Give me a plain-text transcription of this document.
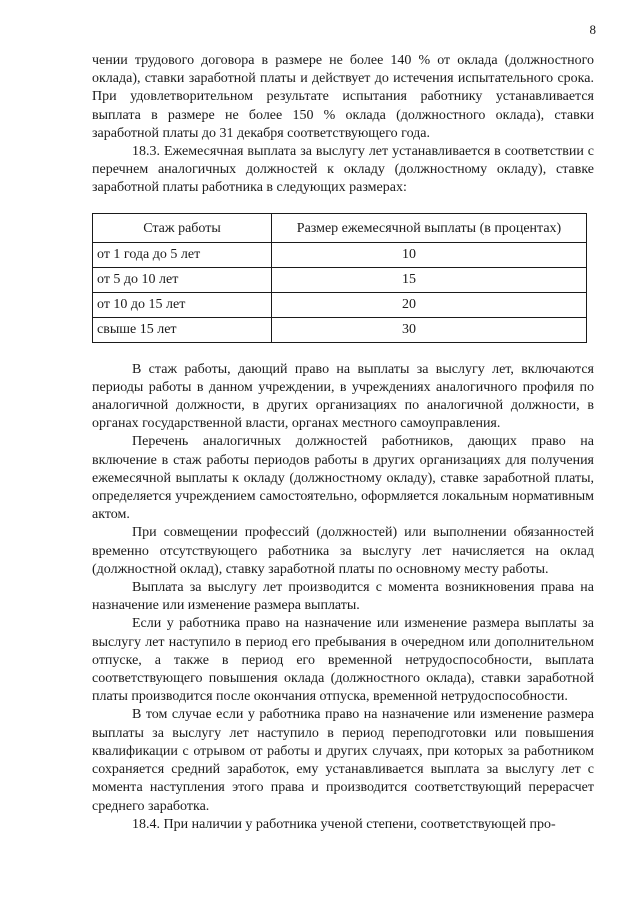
8

чении трудового договора в размере не более 140 % от оклада (должностного оклада), ставки заработной платы и действует до истечения испытательного срока. При удовлетворительном результате испытания работнику устанавливается выплата в размере не более 150 % оклада (должностного оклада), ставки заработной платы до 31 декабря соответствующего года.

18.3. Ежемесячная выплата за выслугу лет устанавливается в соответствии с перечнем аналогичных должностей к окладу (должностному окладу), ставке заработной платы работника в следующих размерах:

Стаж работы	Размер ежемесячной выплаты (в процентах)
от 1 года до 5 лет	10
от 5 до 10 лет	15
от 10 до 15 лет	20
свыше 15 лет	30

В стаж работы, дающий право на выплаты за выслугу лет, включаются периоды работы в данном учреждении, в учреждениях аналогичного профиля по аналогичной должности, в других организациях по аналогичной должности, в органах государственной власти, органах местного самоуправления.

Перечень аналогичных должностей работников, дающих право на включение в стаж работы периодов работы в других организациях для получения ежемесячной выплаты к окладу (должностному окладу), ставке заработной платы, определяется учреждением самостоятельно, оформляется локальным нормативным актом.

При совмещении профессий (должностей) или выполнении обязанностей временно отсутствующего работника за выслугу лет начисляется на оклад (должностной оклад), ставку заработной платы по основному месту работы.

Выплата за выслугу лет производится с момента возникновения права на назначение или изменение размера выплаты.

Если у работника право на назначение или изменение размера выплаты за выслугу лет наступило в период его пребывания в очередном или дополнительном отпуске, а также в период его временной нетрудоспособности, выплата соответствующего повышения оклада (должностного оклада), ставки заработной платы производится после окончания отпуска, временной нетрудоспособности.

В том случае если у работника право на назначение или изменение размера выплаты за выслугу лет наступило в период переподготовки или повышения квалификации с отрывом от работы и других случаях, при которых за работником сохраняется средний заработок, ему устанавливается выплата за выслугу лет с момента наступления этого права и производится соответствующий перерасчет среднего заработка.

18.4. При наличии у работника ученой степени, соответствующей про-
